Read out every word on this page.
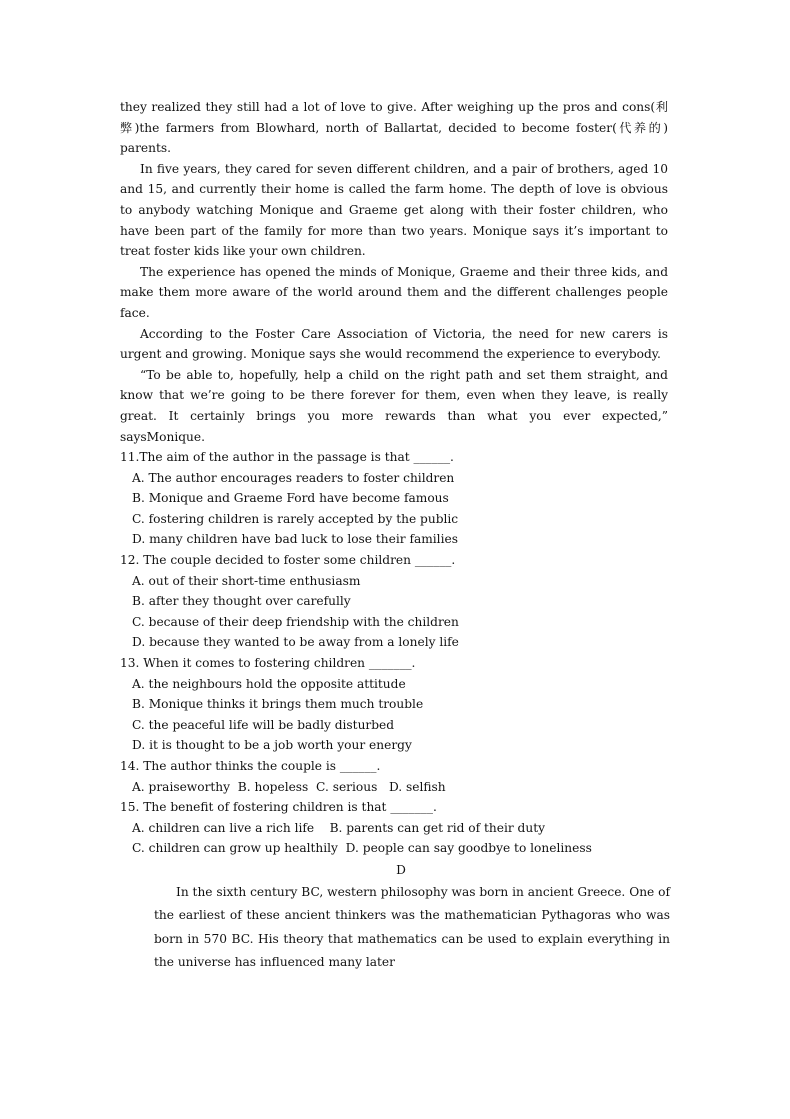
they realized they still had a lot of love to give. After weighing up the pros and cons(利弊)the farmers from Blowhard, north of Ballartat, decided to become foster(代养的) parents.

In five years, they cared for seven different children, and a pair of brothers, aged 10 and 15, and currently their home is called the farm home. The depth of love is obvious to anybody watching Monique and Graeme get along with their foster children, who have been part of the family for more than two years. Monique says it’s important to treat foster kids like your own children.

The experience has opened the minds of Monique, Graeme and their three kids, and make them more aware of the world around them and the different challenges people face.

According to the Foster Care Association of Victoria, the need for new carers is urgent and growing. Monique says she would recommend the experience to everybody.

“To be able to, hopefully, help a child on the right path and set them straight, and know that we’re going to be there forever for them, even when they leave, is really great. It certainly brings you more rewards than what you ever expected,” saysMonique.

11.The aim of the author in the passage is that ______.

A. The author encourages readers to foster children

B. Monique and Graeme Ford have become famous

C. fostering children is rarely accepted by the public

D. many children have bad luck to lose their families

12. The couple decided to foster some children ______.

A. out of their short-time enthusiasm

B. after they thought over carefully

C. because of their deep friendship with the children

D. because they wanted to be away from a lonely life

13. When it comes to fostering children _______.

A. the neighbours hold the opposite attitude

B. Monique thinks it brings them much trouble

C. the peaceful life will be badly disturbed

D. it is thought to be a job worth your energy

14. The author thinks the couple is ______.

A. praiseworthy  B. hopeless  C. serious   D. selfish

15. The benefit of fostering children is that _______.

A. children can live a rich life    B. parents can get rid of their duty

C. children can grow up healthily  D. people can say goodbye to loneliness

D

In the sixth century BC, western philosophy was born in ancient Greece. One of the earliest of these ancient thinkers was the mathematician Pythagoras who was born in 570 BC. His theory that mathematics can be used to explain everything in the universe has influenced many later
